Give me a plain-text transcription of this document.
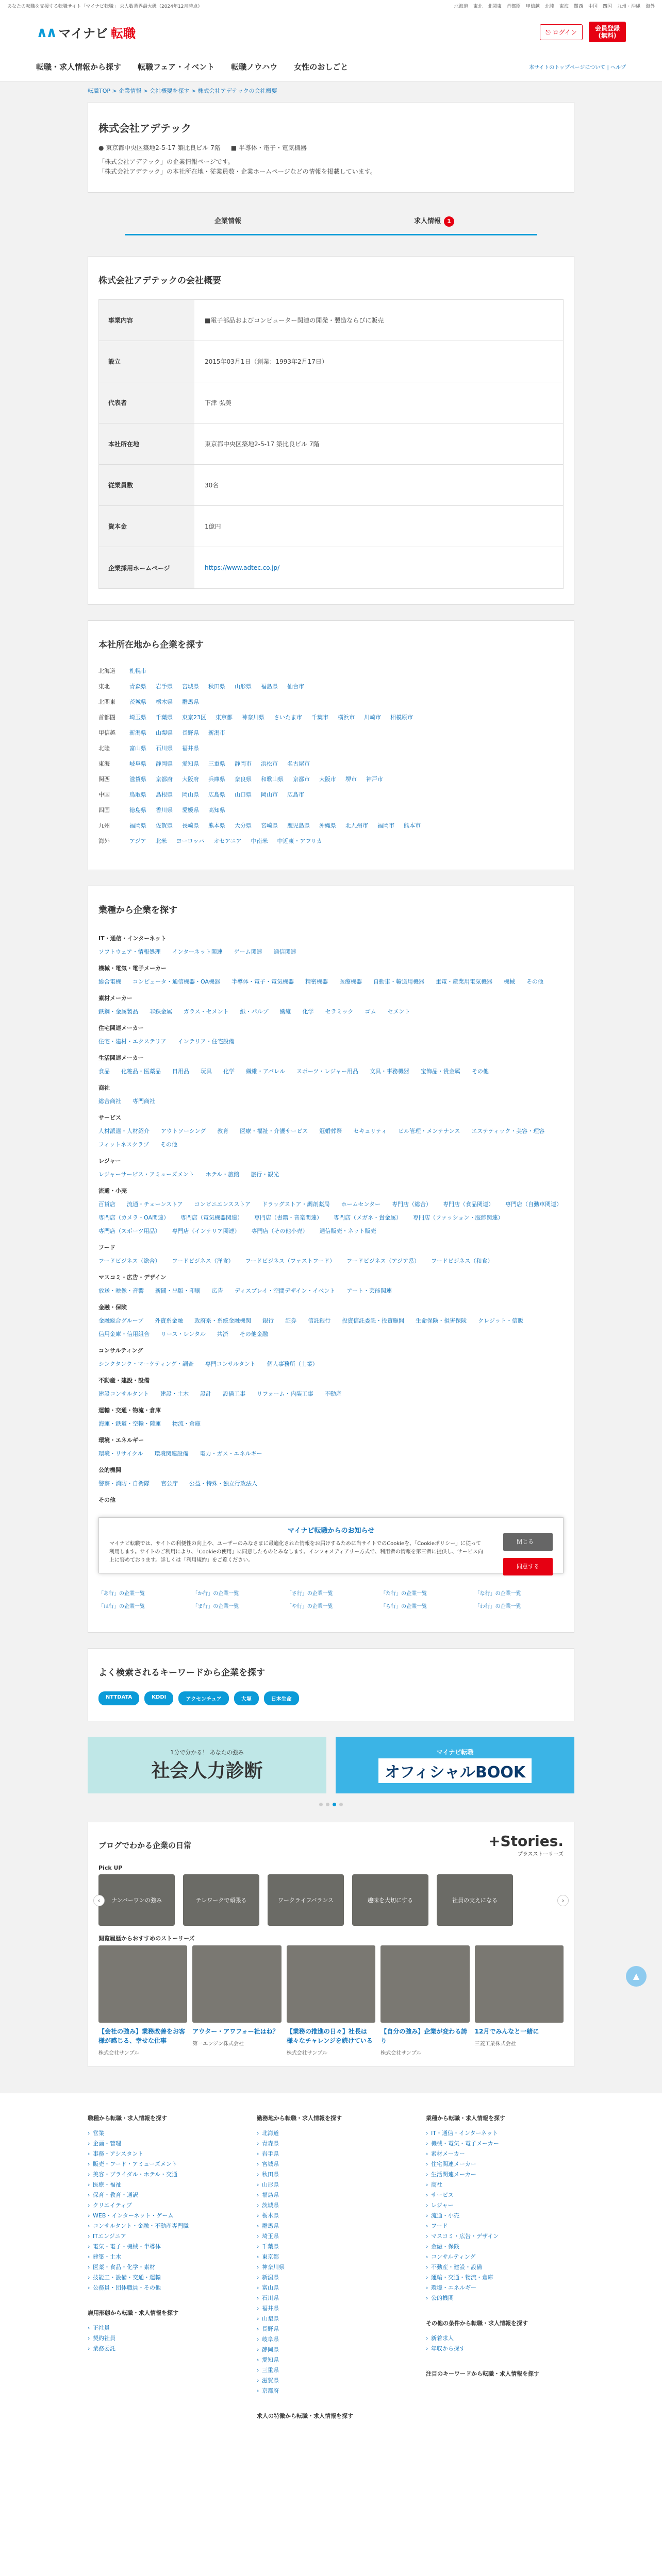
あなたの転職を支援する転職サイト「マイナビ転職」 求人数業界最大級（2024年12月時点）	北海道 東北 北関東 首都圏 甲信越 北陸 東海 関西 中国 四国 九州・沖縄 海外
∧∧ マイナビ 転職	⎋ ログイン
会員登録
(無料)
転職・求人情報から探す 転職フェア・イベント 転職ノウハウ 女性のおしごと	本サイトのトップページについて | ヘルプ
転職TOP > 企業情報 > 会社概要を探す > 株式会社アデテックの会社概要
株式会社アデテック
● 東京都中央区築地2-5-17 築比良ビル 7階 ■ 半導体・電子・電気機器

「株式会社アデテック」の企業情報ページです。

「株式会社アデテック」の本社所在地・従業員数・企業ホームページなどの情報を掲載しています。

企業情報	求人情報 1
株式会社アデテックの会社概要
事業内容	■電子部品およびコンピューター関連の開発・製造ならびに販売
設立	2015年03月1日（創業：1993年2月17日）
代表者	下津 弘美
本社所在地	東京都中央区築地2-5-17 築比良ビル 7階
従業員数	30名
資本金	1億円
企業採用ホームページ	https://www.adtec.co.jp/
本社所在地から企業を探す
北海道	札幌市
東北	青森県 岩手県 宮城県 秋田県 山形県 福島県 仙台市
北関東	茨城県 栃木県 群馬県
首都圏	埼玉県 千葉県 東京23区 東京都 神奈川県 さいたま市 千葉市 横浜市 川崎市 相模原市
甲信越	新潟県 山梨県 長野県 新潟市
北陸	富山県 石川県 福井県
東海	岐阜県 静岡県 愛知県 三重県 静岡市 浜松市 名古屋市
関西	滋賀県 京都府 大阪府 兵庫県 奈良県 和歌山県 京都市 大阪市 堺市 神戸市
中国	鳥取県 島根県 岡山県 広島県 山口県 岡山市 広島市
四国	徳島県 香川県 愛媛県 高知県
九州	福岡県 佐賀県 長崎県 熊本県 大分県 宮崎県 鹿児島県 沖縄県 北九州市 福岡市 熊本市
海外	アジア 北米 ヨーロッパ オセアニア 中南米 中近東・アフリカ
業種から企業を探す
IT・通信・インターネット
ソフトウェア・情報処理 インターネット関連 ゲーム関連 通信関連
機械・電気・電子メーカー
総合電機 コンピュータ・通信機器・OA機器 半導体・電子・電気機器 精密機器 医療機器 自動車・輸送用機器 重電・産業用電気機器 機械 その他
素材メーカー
鉄鋼・金属製品 非鉄金属 ガラス・セメント 紙・パルプ 繊維 化学 セラミック ゴム セメント
住宅関連メーカー
住宅・建材・エクステリア インテリア・住宅設備
生活関連メーカー
食品 化粧品・医薬品 日用品 玩具 化学 繊維・アパレル スポーツ・レジャー用品 文具・事務機器 宝飾品・貴金属 その他
商社
総合商社 専門商社
サービス
人材派遣・人材紹介 アウトソーシング 教育 医療・福祉・介護サービス 冠婚葬祭 セキュリティ ビル管理・メンテナンス エステティック・美容・理容
フィットネスクラブ その他
レジャー
レジャーサービス・アミューズメント ホテル・旅館 旅行・観光
流通・小売
百貨店 流通・チェーンストア コンビニエンスストア ドラッグストア・調剤薬局 ホームセンター 専門店（総合） 専門店（食品関連） 専門店（自動車関連）
専門店（カメラ・OA関連） 専門店（電気機器関連） 専門店（書籍・音楽関連） 専門店（メガネ・貴金属） 専門店（ファッション・服飾関連）
専門店（スポーツ用品） 専門店（インテリア関連） 専門店（その他小売） 通信販売・ネット販売
フード
フードビジネス（総合） フードビジネス（洋食） フードビジネス（ファストフード） フードビジネス（アジア系） フードビジネス（和食）
マスコミ・広告・デザイン
放送・映像・音響 新聞・出版・印刷 広告 ディスプレイ・空間デザイン・イベント アート・芸能関連
金融・保険
金融総合グループ 外資系金融 政府系・系統金融機関 銀行 証券 信託銀行 投資信託委託・投資顧問 生命保険・損害保険 クレジット・信販
信用金庫・信用組合 リース・レンタル 共済 その他金融
コンサルティング
シンクタンク・マーケティング・調査 専門コンサルタント 個人事務所（士業）
不動産・建設・設備
建設コンサルタント 建設・土木 設計 設備工事 リフォーム・内装工事 不動産
運輸・交通・物流・倉庫
海運・鉄道・空輸・陸運 物流・倉庫
環境・エネルギー
環境・リサイクル 環境関連設備 電力・ガス・エネルギー
公的機関
警察・消防・自衛隊 官公庁 公益・特殊・独立行政法人
その他
マイナビ転職からのお知らせ
マイナビ転職では、サイトの利便性の向上や、ユーザーのみなさまに最適化された情報をお届けするために当サイトでのCookieを、「Cookieポリシー」に従って利用します。サイトのご利用により、「Cookieの使用」に同意したものとみなします。インフォメディアリー方式で、利用者の情報を第三者に提供し、サービス向上に努めております。詳しくは「利用規約」をご覧ください。
閉じる
同意する
「あ行」の企業一覧	「か行」の企業一覧	「さ行」の企業一覧	「た行」の企業一覧	「な行」の企業一覧
「は行」の企業一覧	「ま行」の企業一覧	「や行」の企業一覧	「ら行」の企業一覧	「わ行」の企業一覧
よく検索されるキーワードから企業を探す
NTTDATA	KDDI	アクセンチュア	大塚	日本生命
1分で分かる！ あなたの強み
社会人力診断
マイナビ転職
オフィシャルBOOK
ブログでわかる企業の日常	+Stories.
プラスストーリーズ
Pick UP
‹	ナンバーワンの強み	テレワークで頑張る	ワークライフバランス	趣味を大切にする	社員の支えになる	›
閲覧履歴からおすすめのストーリーズ
【会社の強み】業務改善をお客様が感じる、幸せな仕事
株式会社サンプル
アウター・アワフォー社はね？
第一エンジン株式会社
【業務の推進の日々】社長は様々なチャレンジを続けている
株式会社サンプル
【自分の強み】企業が変わる誇り
株式会社サンプル
12月でみんなと一緒に
三菱工業株式会社
職種から転職・求人情報を探す
› 営業
› 企画・管理
› 事務・アシスタント
› 販売・フード・アミューズメント
› 美容・ブライダル・ホテル・交通
› 医療・福祉
› 保育・教育・通訳
› クリエイティブ
› WEB・インターネット・ゲーム
› コンサルタント・金融・不動産専門職
› ITエンジニア
› 電気・電子・機械・半導体
› 建築・土木
› 医薬・食品・化学・素材
› 技能工・設備・交通・運輸
› 公務員・団体職員・その他
雇用形態から転職・求人情報を探す
› 正社員
› 契約社員
› 業務委託
勤務地から転職・求人情報を探す
› 北海道
› 青森県
› 岩手県
› 宮城県
› 秋田県
› 山形県
› 福島県
› 茨城県
› 栃木県
› 群馬県
› 埼玉県
› 千葉県
› 東京都
› 神奈川県
› 新潟県
› 富山県
› 石川県
› 福井県
› 山梨県
› 長野県
› 岐阜県
› 静岡県
› 愛知県
› 三重県
› 滋賀県
› 京都府
求人の特徴から転職・求人情報を探す
業種から転職・求人情報を探す
› IT・通信・インターネット
› 機械・電気・電子メーカー
› 素材メーカー
› 住宅関連メーカー
› 生活関連メーカー
› 商社
› サービス
› レジャー
› 流通・小売
› フード
› マスコミ・広告・デザイン
› 金融・保険
› コンサルティング
› 不動産・建設・設備
› 運輸・交通・物流・倉庫
› 環境・エネルギー
› 公的機関
その他の条件から転職・求人情報を探す
› 新着求人
› 年収から探す
注目のキーワードから転職・求人情報を探す
▲
